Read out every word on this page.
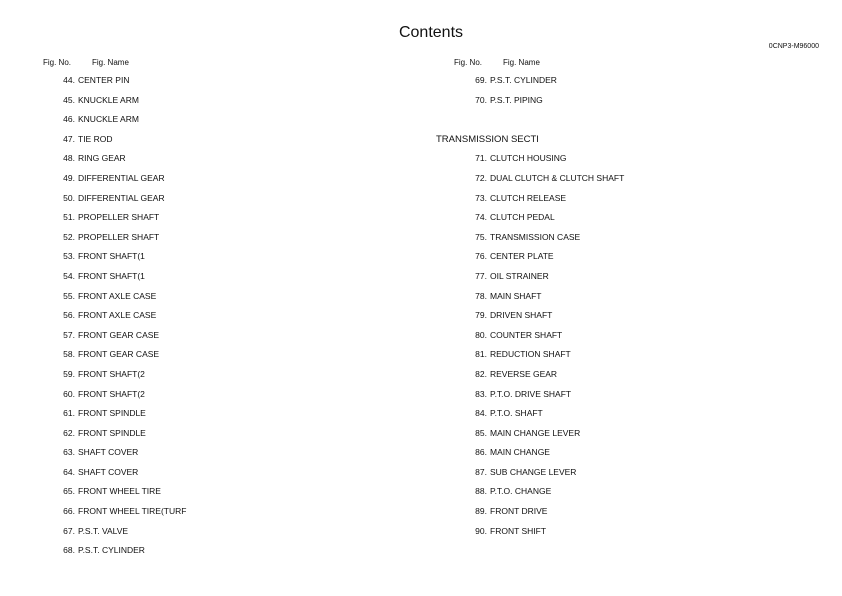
Contents
0CNP3-M96000
Fig. No.	Fig. Name	Fig. No.	Fig. Name
44. CENTER PIN
45. KNUCKLE ARM
46. KNUCKLE ARM
47. TIE ROD
48. RING GEAR
49. DIFFERENTIAL GEAR
50. DIFFERENTIAL GEAR
51. PROPELLER SHAFT
52. PROPELLER SHAFT
53. FRONT SHAFT(1
54. FRONT SHAFT(1
55. FRONT AXLE CASE
56. FRONT AXLE CASE
57. FRONT GEAR CASE
58. FRONT GEAR CASE
59. FRONT SHAFT(2
60. FRONT SHAFT(2
61. FRONT SPINDLE
62. FRONT SPINDLE
63. SHAFT COVER
64. SHAFT COVER
65. FRONT WHEEL TIRE
66. FRONT WHEEL TIRE(TURF
67. P.S.T. VALVE
68. P.S.T. CYLINDER
69. P.S.T. CYLINDER
70. P.S.T. PIPING
TRANSMISSION SECTI
71. CLUTCH HOUSING
72. DUAL CLUTCH & CLUTCH SHAFT
73. CLUTCH RELEASE
74. CLUTCH PEDAL
75. TRANSMISSION CASE
76. CENTER PLATE
77. OIL STRAINER
78. MAIN SHAFT
79. DRIVEN SHAFT
80. COUNTER SHAFT
81. REDUCTION SHAFT
82. REVERSE GEAR
83. P.T.O. DRIVE SHAFT
84. P.T.O. SHAFT
85. MAIN CHANGE LEVER
86. MAIN CHANGE
87. SUB CHANGE LEVER
88. P.T.O. CHANGE
89. FRONT DRIVE
90. FRONT SHIFT
